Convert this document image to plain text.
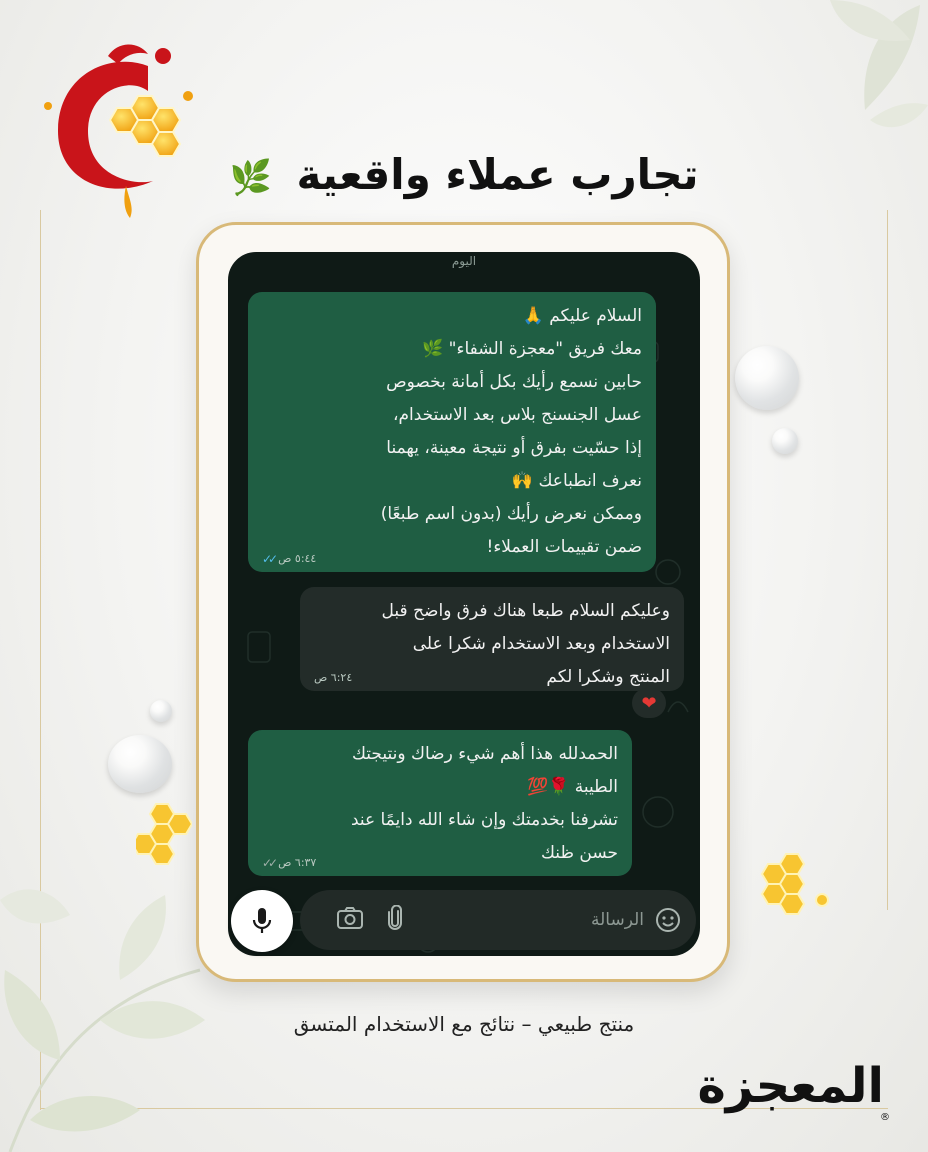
تجارب عملاء واقعية 🌿
اليوم
السلام عليكم 🙏
معك فريق "معجزة الشفاء" 🌿
حابين نسمع رأيك بكل أمانة بخصوص
عسل الجنسنج بلاس بعد الاستخدام،
إذا حسّيت بفرق أو نتيجة معينة، يهمنا
نعرف انطباعك 🙌
وممكن نعرض رأيك (بدون اسم طبعًا)
ضمن تقييمات العملاء!
٥:٤٤ ص
✓✓
وعليكم السلام طبعا هناك فرق واضح قبل
الاستخدام وبعد الاستخدام شكرا على
المنتج وشكرا لكم
٦:٢٤ ص
❤
الحمدلله هذا أهم شيء رضاك ونتيجتك
الطيبة 🌹💯
تشرفنا بخدمتك وإن شاء الله دايمًا عند
حسن ظنك
٦:٣٧ ص
✓✓
الرسالة
منتج طبيعي – نتائج مع الاستخدام المتسق
المعجزة
®
